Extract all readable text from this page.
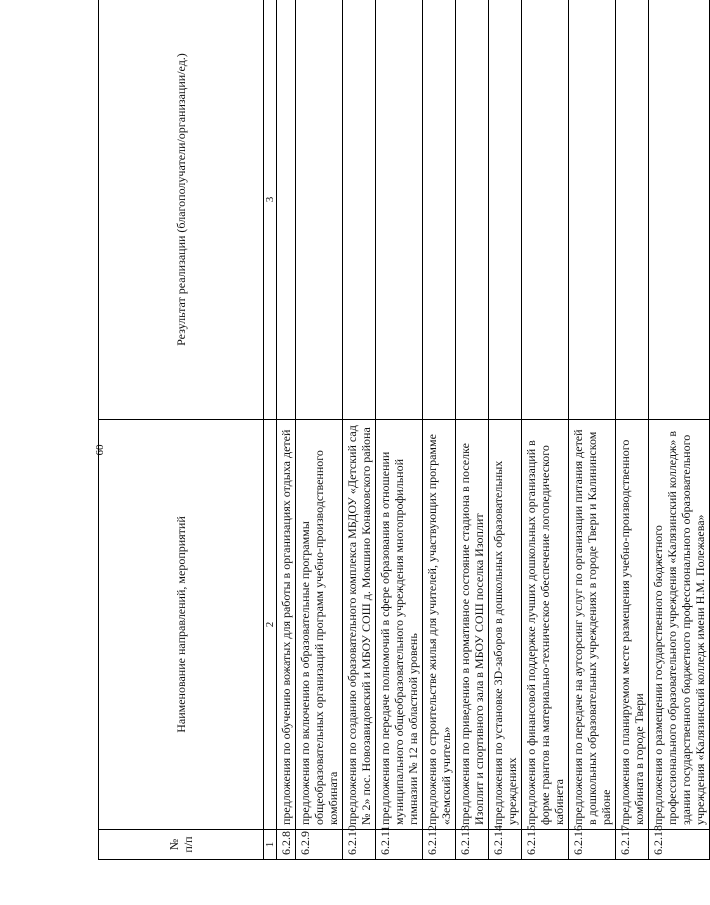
60
№ п/п	Наименование направлений, мероприятий	Результат реализации (благополучатели/организации/ед.)
1	2	3
6.2.8	предложения по обучению вожатых для работы в организациях отдыха детей	
6.2.9	предложения по включению в образовательные программы общеобразовательных организаций программ учебно-производственного комбината	
6.2.10	предложения по созданию образовательного комплекса МБДОУ «Детский сад № 2» пос. Новозавидовский и МБОУ СОШ д. Мокшино Конаковского района	
6.2.11	предложения по передаче полномочий в сфере образования в отношении муниципального общеобразовательного учреждения многопрофильной гимназии № 12 на областной уровень	
6.2.12	предложения о строительстве жилья для учителей, участвующих программе «Земский учитель»	
6.2.13	предложения по приведению в нормативное состояние стадиона в поселке Изоплит и спортивного зала в МБОУ СОШ поселка Изоплит	
6.2.14	предложения по установке 3D-заборов в дошкольных образовательных учреждениях	
6.2.15	предложения о финансовой поддержке лучших дошкольных организаций в форме грантов на материально-техническое обеспечение логопедического кабинета	
6.2.16	предложения по передаче на аутсорсинг услуг по организации питания детей в дошкольных образовательных учреждениях в городе Твери и Калининском районе	
6.2.17	предложения о планируемом месте размещения учебно-производственного комбината в городе Твери	
6.2.18	предложения о размещении государственного бюджетного профессионального образовательного учреждения «Калязинский колледж» в здании государственного бюджетного профессионального образовательного учреждения «Калязинский колледж имени Н.М. Полежаева»	
